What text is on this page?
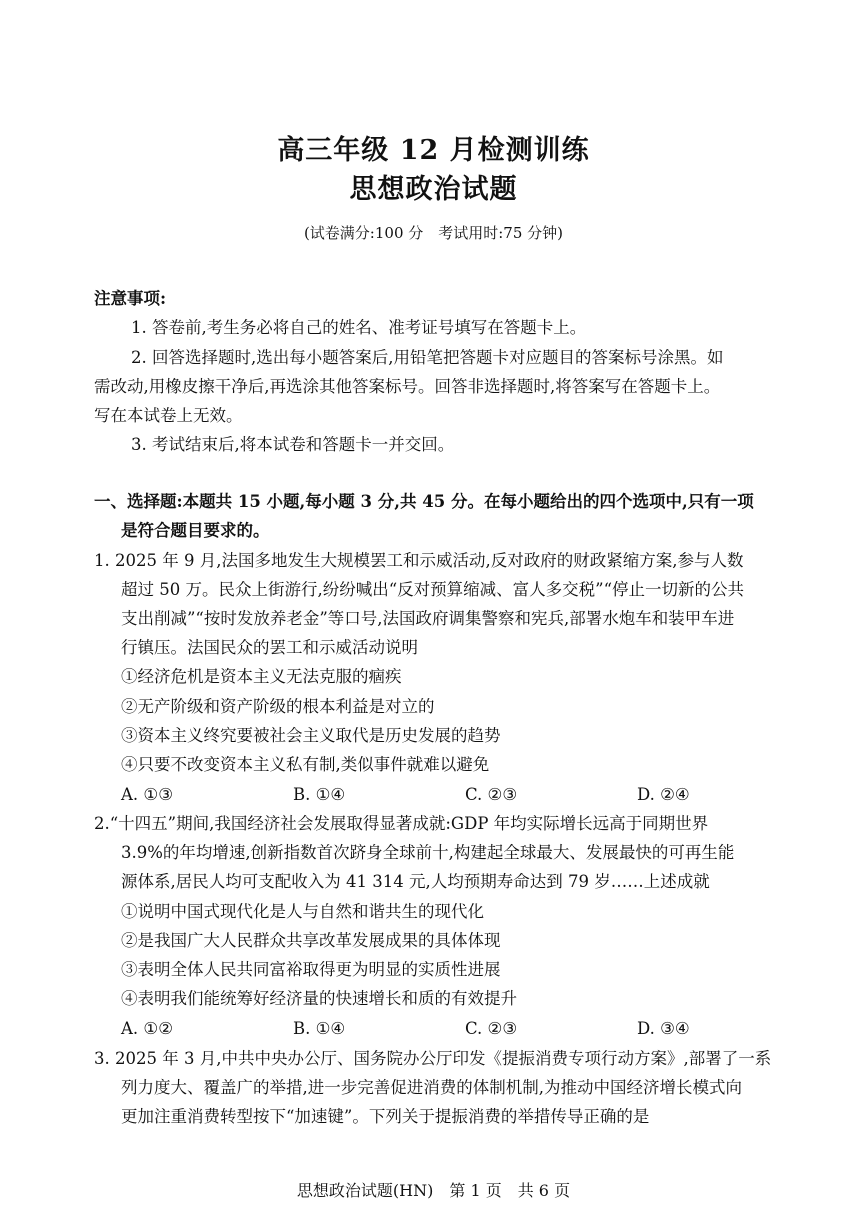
高三年级 12 月检测训练
思想政治试题
(试卷满分:100 分　考试用时:75 分钟)
注意事项:
1. 答卷前,考生务必将自己的姓名、准考证号填写在答题卡上。
2. 回答选择题时,选出每小题答案后,用铅笔把答题卡对应题目的答案标号涂黑。如
需改动,用橡皮擦干净后,再选涂其他答案标号。回答非选择题时,将答案写在答题卡上。
写在本试卷上无效。
3. 考试结束后,将本试卷和答题卡一并交回。
一、选择题:本题共 15 小题,每小题 3 分,共 45 分。在每小题给出的四个选项中,只有一项
是符合题目要求的。
1. 2025 年 9 月,法国多地发生大规模罢工和示威活动,反对政府的财政紧缩方案,参与人数
超过 50 万。民众上街游行,纷纷喊出“反对预算缩减、富人多交税”“停止一切新的公共
支出削减”“按时发放养老金”等口号,法国政府调集警察和宪兵,部署水炮车和装甲车进
行镇压。法国民众的罢工和示威活动说明
①经济危机是资本主义无法克服的痼疾
②无产阶级和资产阶级的根本利益是对立的
③资本主义终究要被社会主义取代是历史发展的趋势
④只要不改变资本主义私有制,类似事件就难以避免
A. ①③	B. ①④	C. ②③	D. ②④
2.“十四五”期间,我国经济社会发展取得显著成就:GDP 年均实际增长远高于同期世界
3.9%的年均增速,创新指数首次跻身全球前十,构建起全球最大、发展最快的可再生能
源体系,居民人均可支配收入为 41 314 元,人均预期寿命达到 79 岁……上述成就
①说明中国式现代化是人与自然和谐共生的现代化
②是我国广大人民群众共享改革发展成果的具体体现
③表明全体人民共同富裕取得更为明显的实质性进展
④表明我们能统筹好经济量的快速增长和质的有效提升
A. ①②	B. ①④	C. ②③	D. ③④
3. 2025 年 3 月,中共中央办公厅、国务院办公厅印发《提振消费专项行动方案》,部署了一系
列力度大、覆盖广的举措,进一步完善促进消费的体制机制,为推动中国经济增长模式向
更加注重消费转型按下“加速键”。下列关于提振消费的举措传导正确的是
思想政治试题(HN)　第 1 页　共 6 页
